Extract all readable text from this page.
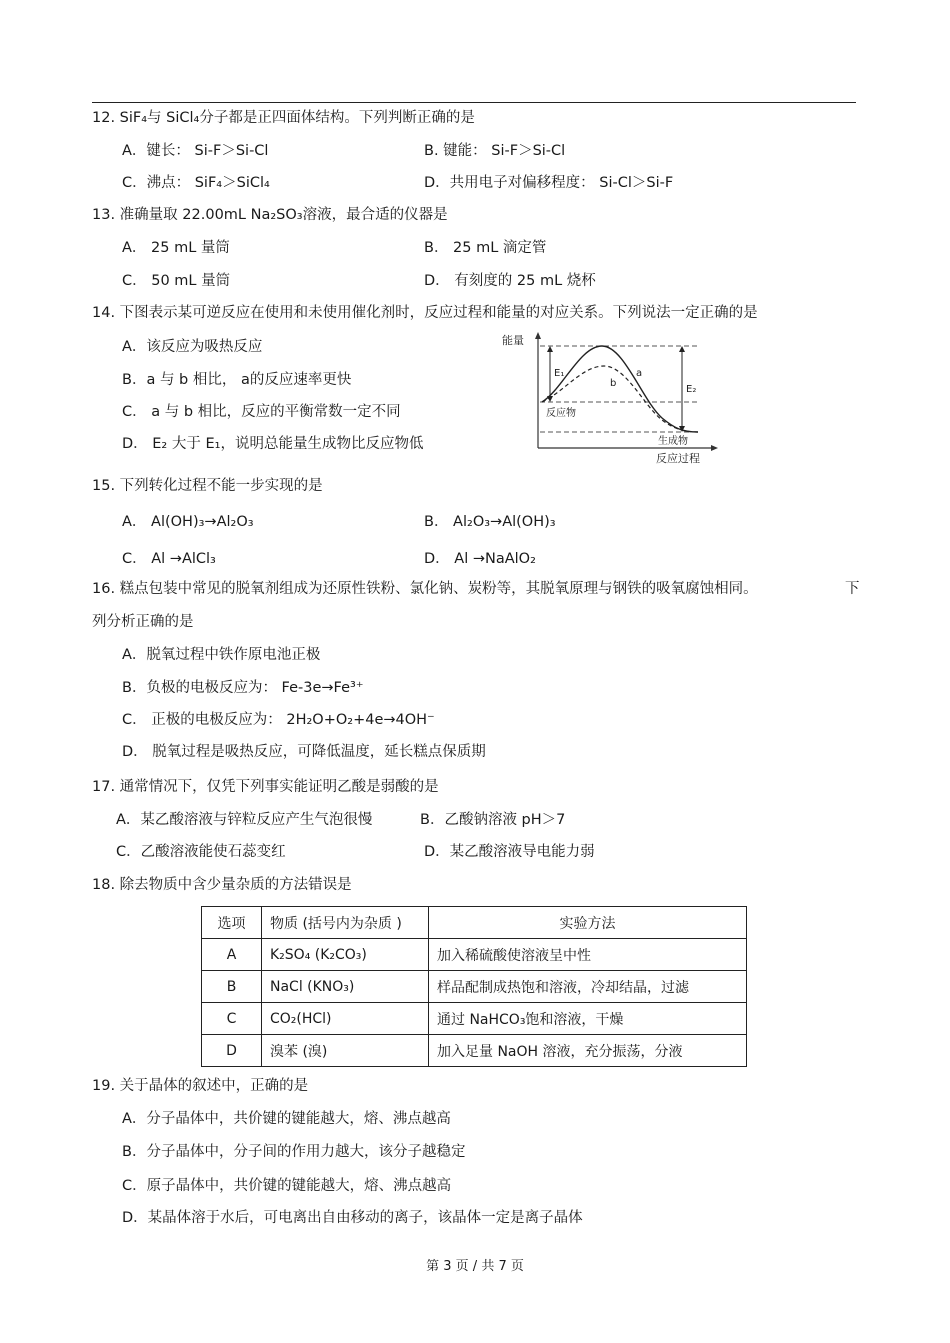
12. SiF₄与 SiCl₄分子都是正四面体结构。下列判断正确的是
A．键长： Si-F＞Si-Cl	B. 键能： Si-F＞Si-Cl
C．沸点： SiF₄＞SiCl₄	D．共用电子对偏移程度： Si-Cl＞Si-F
13. 准确量取 22.00mL Na₂SO₃溶液，最合适的仪器是
A． 25 mL 量筒	B． 25 mL 滴定管
C． 50 mL 量筒	D． 有刻度的 25 mL 烧杯
14. 下图表示某可逆反应在使用和未使用催化剂时，反应过程和能量的对应关系。下列说法一定正确的是
A．该反应为吸热反应
B．a 与 b 相比， a的反应速率更快
C． a 与 b 相比，反应的平衡常数一定不同
D． E₂ 大于 E₁，说明总能量生成物比反应物低
能量
反应过程
E₁
E₂
a
b
反应物
生成物
15. 下列转化过程不能一步实现的是
A． Al(OH)₃→Al₂O₃	B． Al₂O₃→Al(OH)₃
C． Al →AlCl₃	D． Al →NaAlO₂
16. 糕点包装中常见的脱氧剂组成为还原性铁粉、氯化钠、炭粉等，其脱氧原理与钢铁的吸氧腐蚀相同。	下
列分析正确的是
A．脱氧过程中铁作原电池正极
B．负极的电极反应为： Fe-3e→Fe³⁺
C． 正极的电极反应为： 2H₂O+O₂+4e→4OH⁻
D． 脱氧过程是吸热反应，可降低温度，延长糕点保质期
17. 通常情况下，仅凭下列事实能证明乙酸是弱酸的是
A．某乙酸溶液与锌粒反应产生气泡很慢	B．乙酸钠溶液 pH＞7
C．乙酸溶液能使石蕊变红	D．某乙酸溶液导电能力弱
18. 除去物质中含少量杂质的方法错误是
选项	物质 (括号内为杂质 )	实验方法
A	K₂SO₄ (K₂CO₃)	加入稀硫酸使溶液呈中性
B	NaCl (KNO₃)	样品配制成热饱和溶液，冷却结晶，过滤
C	CO₂(HCl)	通过 NaHCO₃饱和溶液，干燥
D	溴苯 (溴)	加入足量 NaOH 溶液，充分振荡，分液
19. 关于晶体的叙述中，正确的是
A．分子晶体中，共价键的键能越大，熔、沸点越高
B．分子晶体中，分子间的作用力越大，该分子越稳定
C．原子晶体中，共价键的键能越大，熔、沸点越高
D．某晶体溶于水后，可电离出自由移动的离子，该晶体一定是离子晶体
第 3 页 / 共 7 页
